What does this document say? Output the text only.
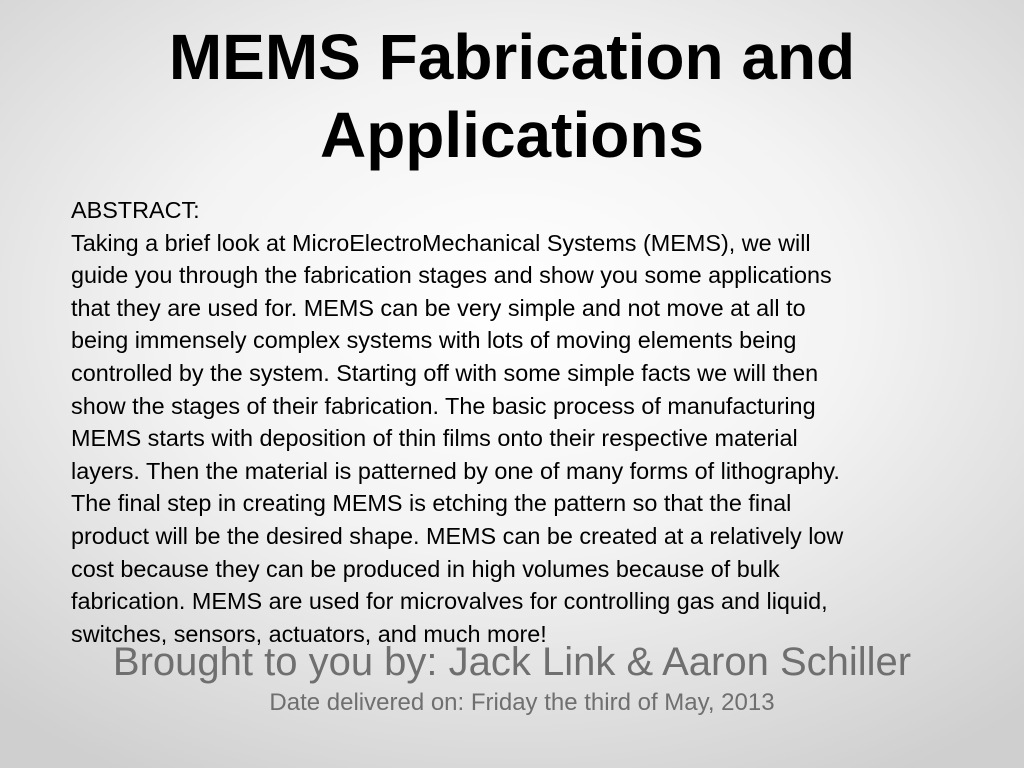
MEMS Fabrication and
Applications
ABSTRACT:
Taking a brief look at MicroElectroMechanical Systems (MEMS), we will
guide you through the fabrication stages and show you some applications
that they are used for. MEMS can be very simple and not move at all to
being immensely complex systems with lots of moving elements being
controlled by the system. Starting off with some simple facts we will then
show the stages of their fabrication. The basic process of manufacturing
MEMS starts with deposition of thin films onto their respective material
layers. Then the material is patterned by one of many forms of lithography.
The final step in creating MEMS is etching the pattern so that the final
product will be the desired shape. MEMS can be created at a relatively low
cost because they can be produced in high volumes because of bulk
fabrication. MEMS are used for microvalves for controlling gas and liquid,
switches, sensors, actuators, and much more!
Brought to you by: Jack Link & Aaron Schiller
Date delivered on: Friday the third of May, 2013
